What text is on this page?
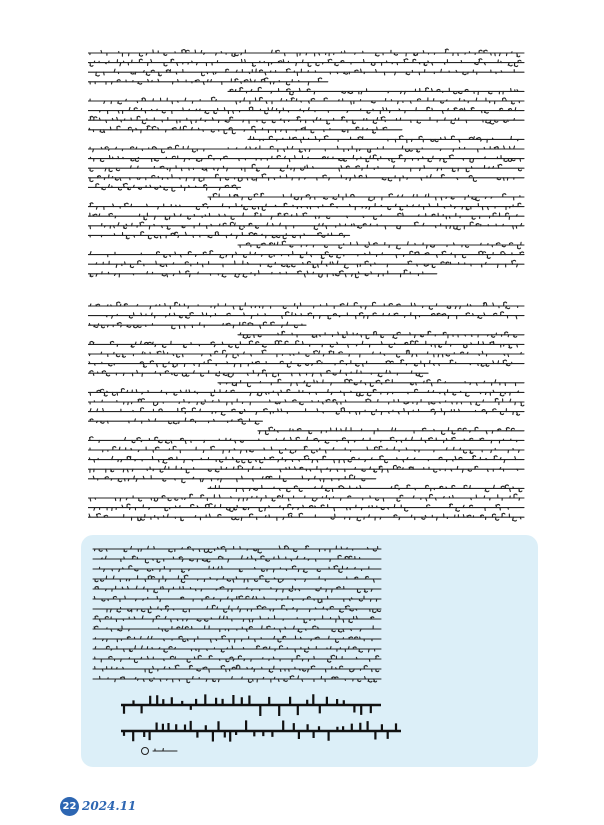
22 2024.11
